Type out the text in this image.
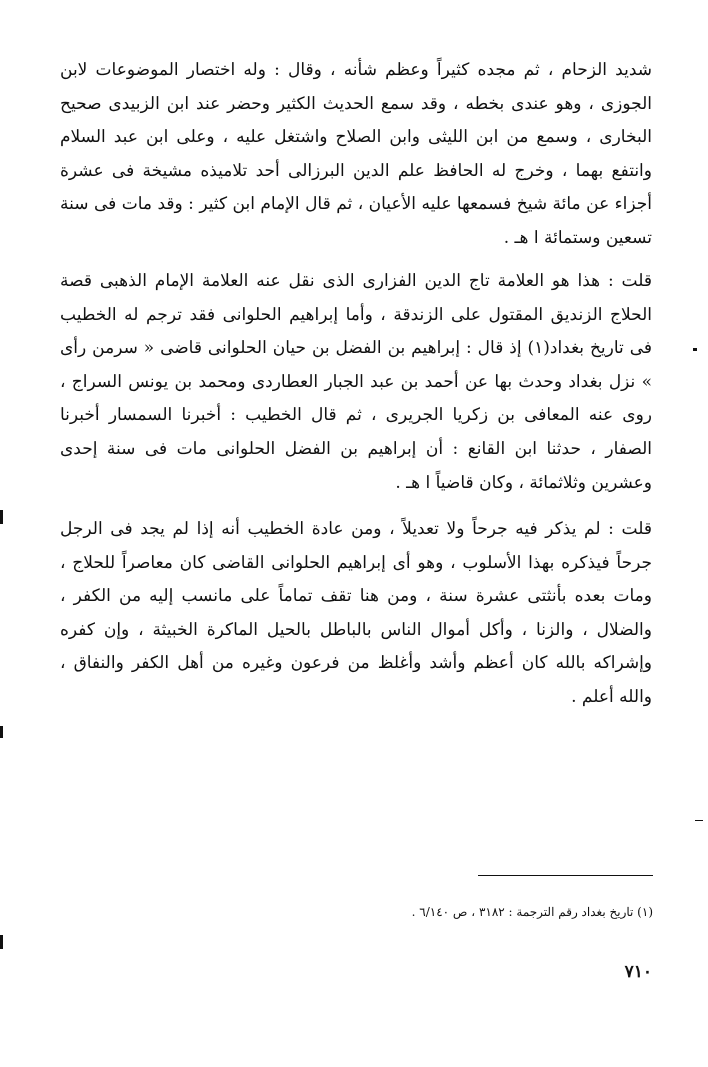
شديد الزحام ، ثم مجده كثيراً وعظم شأنه ، وقال : وله اختصار الموضوعات لابن الجوزى ، وهو عندى بخطه ، وقد سمع الحديث الكثير وحضر عند ابن الزبيدى صحيح البخارى ، وسمع من ابن الليثى وابن الصلاح واشتغل عليه ، وعلى ابن عبد السلام وانتفع بهما ، وخرج له الحافظ علم الدين البرزالى أحد تلاميذه مشيخة فى عشرة أجزاء عن مائة شيخ فسمعها عليه الأعيان ، ثم قال الإمام ابن كثير : وقد مات فى سنة تسعين وستمائة ا هـ .

قلت : هذا هو العلامة تاج الدين الفزارى الذى نقل عنه العلامة الإمام الذهبى قصة الحلاج الزنديق المقتول على الزندقة ، وأما إبراهيم الحلوانى فقد ترجم له الخطيب فى تاريخ بغداد(١) إذ قال : إبراهيم بن الفضل بن حيان الحلوانى قاضى « سرمن رأى » نزل بغداد وحدث بها عن أحمد بن عبد الجبار العطاردى ومحمد بن يونس السراج ، روى عنه المعافى بن زكريا الجريرى ، ثم قال الخطيب : أخبرنا السمسار أخبرنا الصفار ، حدثنا ابن القانع : أن إبراهيم بن الفضل الحلوانى مات فى سنة إحدى وعشرين وثلاثمائة ، وكان قاضياً ا هـ .

قلت : لم يذكر فيه جرحاً ولا تعديلاً ، ومن عادة الخطيب أنه إذا لم يجد فى الرجل جرحاً فيذكره بهذا الأسلوب ، وهو أى إبراهيم الحلوانى القاضى كان معاصراً للحلاج ، ومات بعده بأنثتى عشرة سنة ، ومن هنا تقف تماماً على مانسب إليه من الكفر ، والضلال ، والزنا ، وأكل أموال الناس بالباطل بالحيل الماكرة الخبيثة ، وإن كفره وإشراكه بالله كان أعظم وأشد وأغلظ من فرعون وغيره من أهل الكفر والنفاق ، والله أعلم .

(١) تاريخ بغداد رقم الترجمة : ٣١٨٢ ، ص ٦/١٤٠ .

٧١٠
